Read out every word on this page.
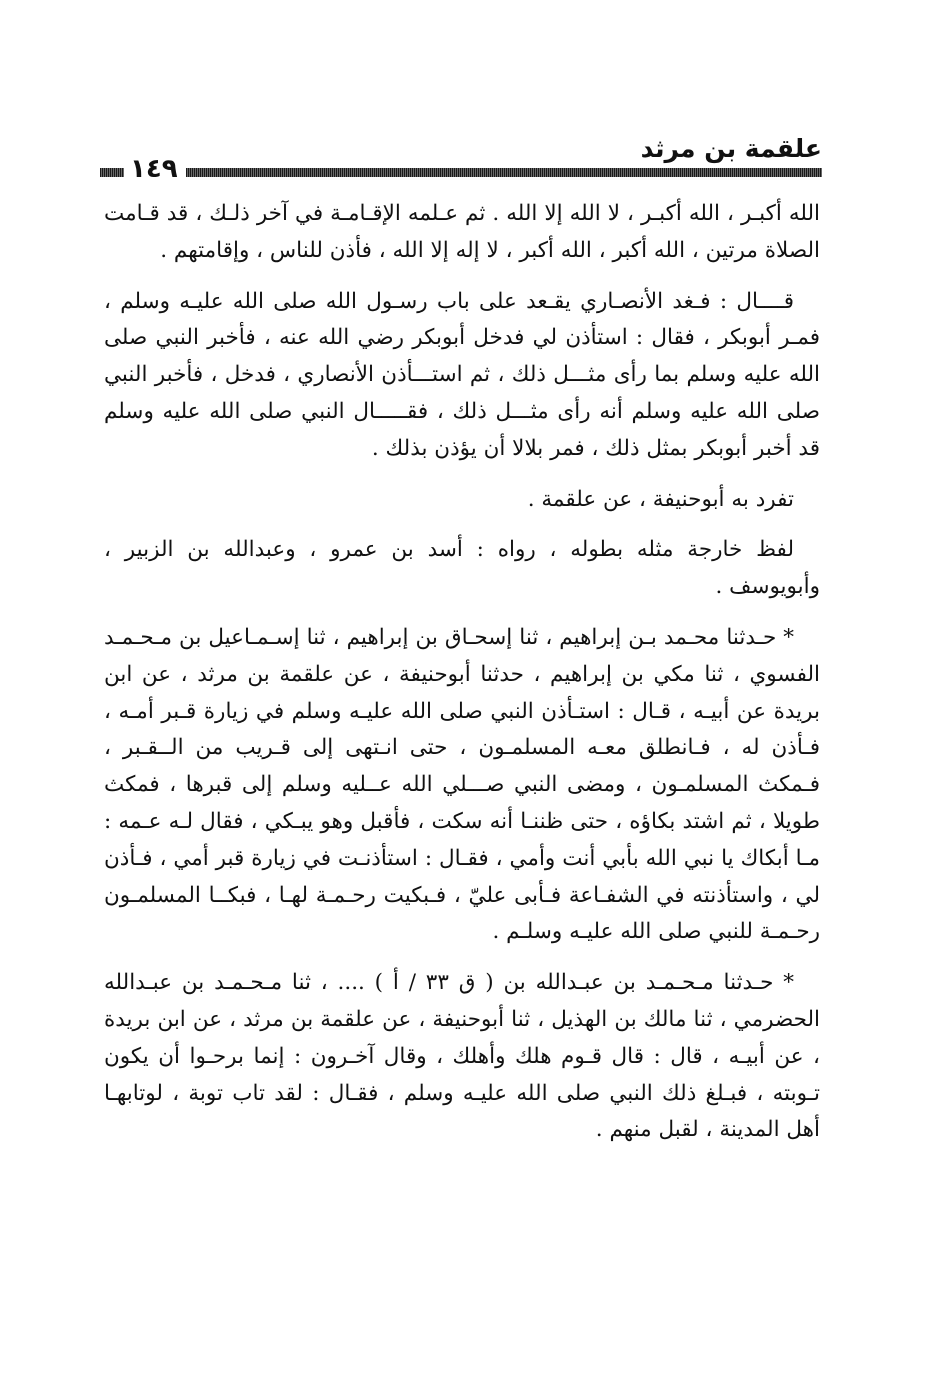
علقمة بن مرثد
١٤٩

الله أكبـر ، الله أكبـر ، لا الله إلا الله . ثم عـلمه الإقـامـة في آخر ذلـك ، قد قـامت الصلاة مرتين ، الله أكبر ، الله أكبر ، لا إله إلا الله ، فأذن للناس ، وإقامتهم .

قــــال : فـغد الأنصـاري يقـعد على باب رسـول الله صلى الله عليـه وسلم ، فمـر أبوبكر ، فقال : استأذن لي فدخل أبوبكر رضي الله عنه ، فأخبر النبي صلى الله عليه وسلم بما رأى مثـــل ذلك ، ثم استـــأذن الأنصاري ، فدخل ، فأخبر النبي صلى الله عليه وسلم أنه رأى مثـــل ذلك ، فقـــــال النبي صلى الله عليه وسلم قد أخبر أبوبكر بمثل ذلك ، فمر بلالا أن يؤذن بذلك .

تفرد به أبوحنيفة ، عن علقمة .

لفظ خارجة مثله بطوله ، رواه : أسد بن عمرو ، وعبدالله بن الزبير ، وأبويوسف .

* حـدثنا محـمد بـن إبراهيم ، ثنا إسحـاق بن إبراهيم ، ثنا إسـمـاعيل بن مـحـمـد الفسوي ، ثنا مكي بن إبراهيم ، حدثنا أبوحنيفة ، عن علقمة بن مرثد ، عن ابن بريدة عن أبيـه ، قـال : استـأذن النبي صلى الله عليـه وسلم في زيارة قـبر أمـه ، فـأذن له ، فـانطلق معـه المسلمـون ، حتى انـتهى إلى قـريب من الــقـبر ، فـمكث المسلمـون ، ومضى النبي صـــلي الله عــليه وسلم إلى قبرها ، فمكث طويلا ، ثم اشتد بكاؤه ، حتى ظننـا أنه سكت ، فأقبل وهو يبـكي ، فقال لـه عـمه : مـا أبكاك يا نبي الله بأبي أنت وأمي ، فقـال : استأذنـت في زيارة قبر أمي ، فـأذن لي ، واستأذنته في الشفـاعة فـأبى عليّ ، فـبكيت رحـمـة لهـا ، فبكــا المسلمـون رحـمـة للنبي صلى الله عليـه وسلـم .

* حـدثنا مـحـمـد بن عبـدالله بن ( ق ٣٣ / أ ) .... ، ثنا مـحـمـد بن عبـدالله الحضرمي ، ثنا مالك بن الهذيل ، ثنا أبوحنيفة ، عن علقمة بن مرثد ، عن ابن بريدة ، عن أبيـه ، قال : قال قـوم هلك وأهلك ، وقال آخـرون : إنما برحـوا أن يكون تـوبته ، فبـلغ ذلك النبي صلى الله عليـه وسلم ، فقـال : لقد تاب توبة ، لوتابهـا أهل المدينة ، لقبل منهم .
